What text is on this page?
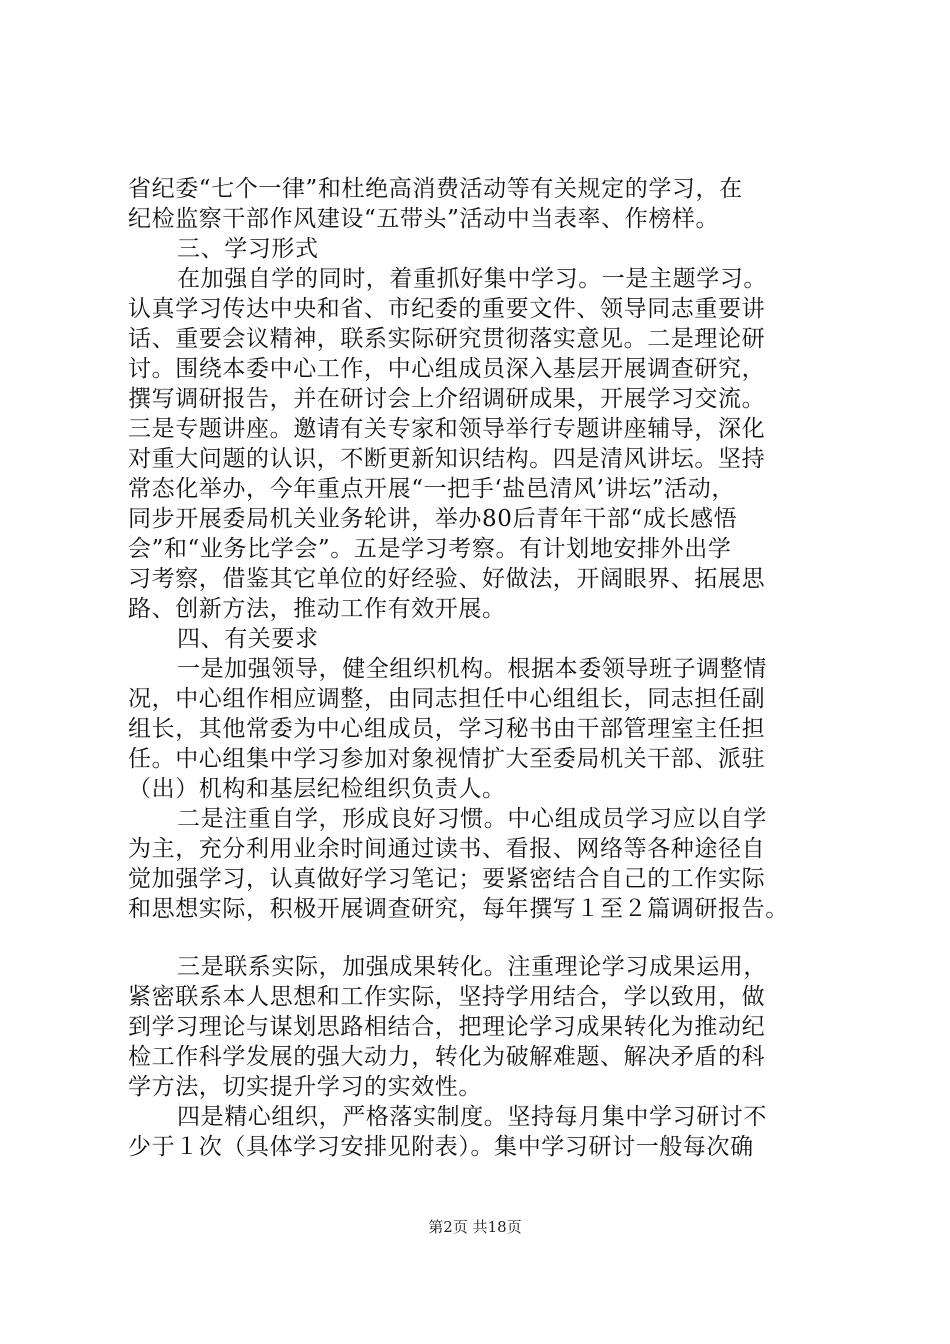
省纪委“七个一律”和杜绝高消费活动等有关规定的学习，在
纪检监察干部作风建设“五带头”活动中当表率、作榜样。
三、学习形式
在加强自学的同时，着重抓好集中学习。一是主题学习。
认真学习传达中央和省、市纪委的重要文件、领导同志重要讲
话、重要会议精神，联系实际研究贯彻落实意见。二是理论研
讨。围绕本委中心工作，中心组成员深入基层开展调查研究，
撰写调研报告，并在研讨会上介绍调研成果，开展学习交流。
三是专题讲座。邀请有关专家和领导举行专题讲座辅导，深化
对重大问题的认识，不断更新知识结构。四是清风讲坛。坚持
常态化举办，今年重点开展“一把手‘盐邑清风’讲坛”活动，
同步开展委局机关业务轮讲，举办80后青年干部“成长感悟
会”和“业务比学会”。五是学习考察。有计划地安排外出学
习考察，借鉴其它单位的好经验、好做法，开阔眼界、拓展思
路、创新方法，推动工作有效开展。
四、有关要求
一是加强领导，健全组织机构。根据本委领导班子调整情
况，中心组作相应调整，由同志担任中心组组长，同志担任副
组长，其他常委为中心组成员，学习秘书由干部管理室主任担
任。中心组集中学习参加对象视情扩大至委局机关干部、派驻
（出）机构和基层纪检组织负责人。
二是注重自学，形成良好习惯。中心组成员学习应以自学
为主，充分利用业余时间通过读书、看报、网络等各种途径自
觉加强学习，认真做好学习笔记；要紧密结合自己的工作实际
和思想实际，积极开展调查研究，每年撰写１至２篇调研报告。
三是联系实际，加强成果转化。注重理论学习成果运用，
紧密联系本人思想和工作实际，坚持学用结合，学以致用，做
到学习理论与谋划思路相结合，把理论学习成果转化为推动纪
检工作科学发展的强大动力，转化为破解难题、解决矛盾的科
学方法，切实提升学习的实效性。
四是精心组织，严格落实制度。坚持每月集中学习研讨不
少于１次（具体学习安排见附表）。集中学习研讨一般每次确
第2页 共18页
